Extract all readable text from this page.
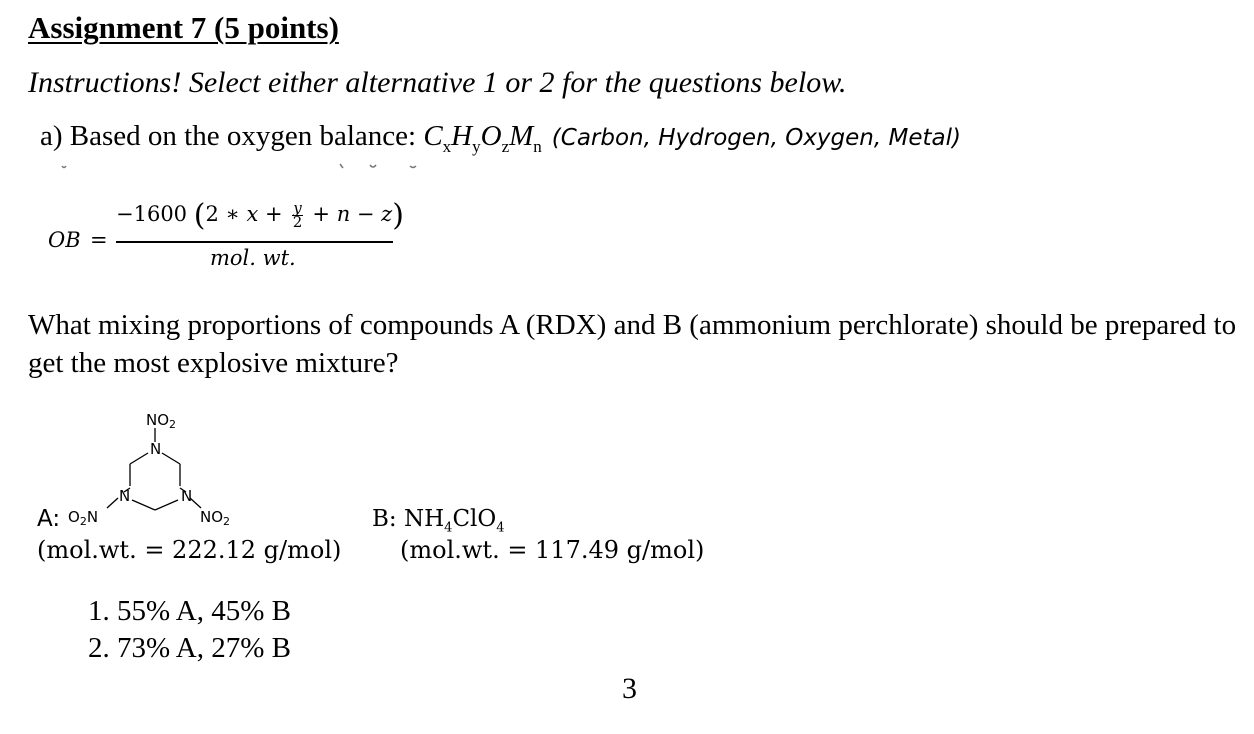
Assignment 7 (5 points)
Instructions! Select either alternative 1 or 2 for the questions below.
a) Based on the oxygen balance: $C_xH_yO_zM_n$ (Carbon, Hydrogen, Oxygen, Metal)
OB =
−1600 (2 ∗ $x + \frac{y}{2} + n - z$)
mol. wt.
What mixing proportions of compounds A (RDX) and B (ammonium perchlorate) should be prepared to get the most explosive mixture?
$NO_2$
N
N	N
$O_2N$	$NO_2$
A:
(mol.wt. = 222.12 g/mol)
B: $NH_4ClO_4$
(mol.wt. = 117.49 g/mol)
1. 55% A, 45% B
2. 73% A, 27% B
3
